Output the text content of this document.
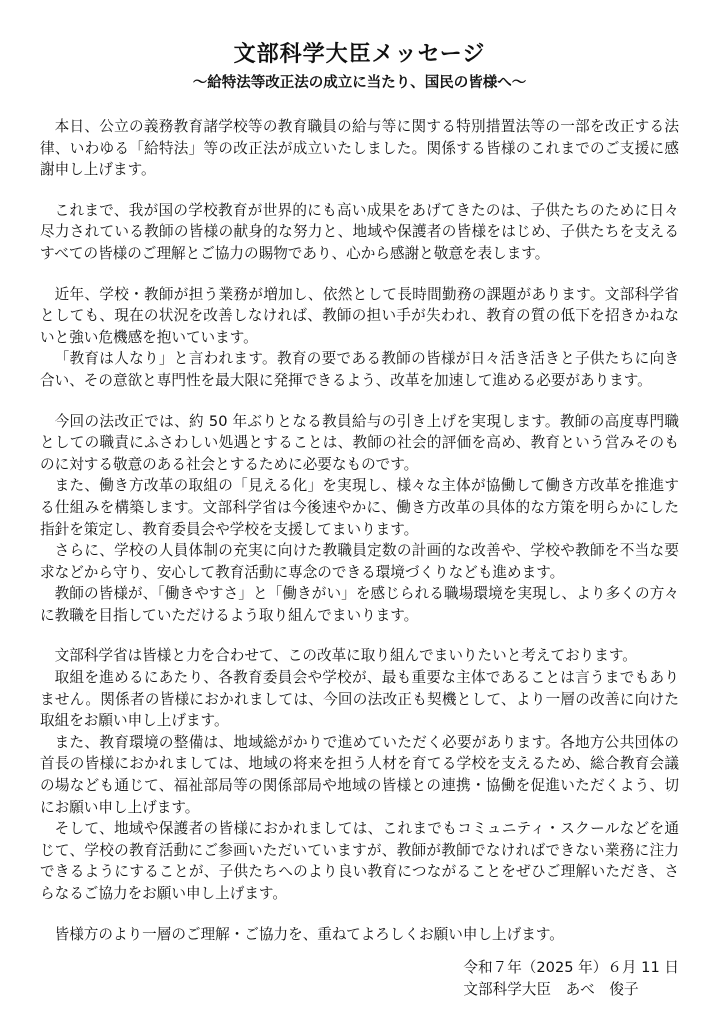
文部科学大臣メッセージ

～給特法等改正法の成立に当たり、国民の皆様へ～

本日、公立の義務教育諸学校等の教育職員の給与等に関する特別措置法等の一部を改正する法律、いわゆる「給特法」等の改正法が成立いたしました。関係する皆様のこれまでのご支援に感謝申し上げます。

これまで、我が国の学校教育が世界的にも高い成果をあげてきたのは、子供たちのために日々尽力されている教師の皆様の献身的な努力と、地域や保護者の皆様をはじめ、子供たちを支えるすべての皆様のご理解とご協力の賜物であり、心から感謝と敬意を表します。

近年、学校・教師が担う業務が増加し、依然として長時間勤務の課題があります。文部科学省としても、現在の状況を改善しなければ、教師の担い手が失われ、教育の質の低下を招きかねないと強い危機感を抱いています。

「教育は人なり」と言われます。教育の要である教師の皆様が日々活き活きと子供たちに向き合い、その意欲と専門性を最大限に発揮できるよう、改革を加速して進める必要があります。

今回の法改正では、約 50 年ぶりとなる教員給与の引き上げを実現します。教師の高度専門職としての職責にふさわしい処遇とすることは、教師の社会的評価を高め、教育という営みそのものに対する敬意のある社会とするために必要なものです。

また、働き方改革の取組の「見える化」を実現し、様々な主体が協働して働き方改革を推進する仕組みを構築します。文部科学省は今後速やかに、働き方改革の具体的な方策を明らかにした指針を策定し、教育委員会や学校を支援してまいります。

さらに、学校の人員体制の充実に向けた教職員定数の計画的な改善や、学校や教師を不当な要求などから守り、安心して教育活動に専念のできる環境づくりなども進めます。

教師の皆様が、「働きやすさ」と「働きがい」を感じられる職場環境を実現し、より多くの方々に教職を目指していただけるよう取り組んでまいります。

文部科学省は皆様と力を合わせて、この改革に取り組んでまいりたいと考えております。

取組を進めるにあたり、各教育委員会や学校が、最も重要な主体であることは言うまでもありません。関係者の皆様におかれましては、今回の法改正も契機として、より一層の改善に向けた取組をお願い申し上げます。

また、教育環境の整備は、地域総がかりで進めていただく必要があります。各地方公共団体の首長の皆様におかれましては、地域の将来を担う人材を育てる学校を支えるため、総合教育会議の場なども通じて、福祉部局等の関係部局や地域の皆様との連携・協働を促進いただくよう、切にお願い申し上げます。

そして、地域や保護者の皆様におかれましては、これまでもコミュニティ・スクールなどを通じて、学校の教育活動にご参画いただいていますが、教師が教師でなければできない業務に注力できるようにすることが、子供たちへのより良い教育につながることをぜひご理解いただき、さらなるご協力をお願い申し上げます。

皆様方のより一層のご理解・ご協力を、重ねてよろしくお願い申し上げます。

令和７年（2025 年）６月 11 日
文部科学大臣　あべ　俊子
